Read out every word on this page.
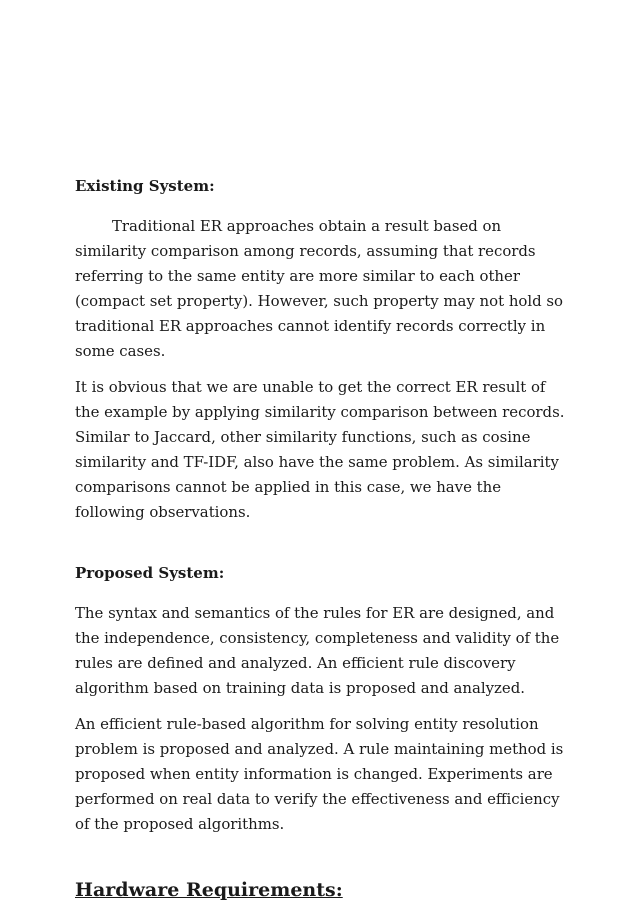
Existing System:

Traditional ER approaches obtain a result based on similarity comparison among records, assuming that records referring to the same entity are more similar to each other (compact set property). However, such property may not hold so traditional ER approaches cannot identify records correctly in some cases.

It is obvious that we are unable to get the correct ER result of the example by applying similarity comparison between records. Similar to Jaccard, other similarity functions, such as cosine similarity and TF-IDF, also have the same problem. As similarity comparisons cannot be applied in this case, we have the following observations.

Proposed System:

The syntax and semantics of the rules for ER are designed, and the independence, consistency, completeness and validity of the rules are defined and analyzed. An efficient rule discovery algorithm based on training data is proposed and analyzed.

An efficient rule-based algorithm for solving entity resolution problem is proposed and analyzed. A rule maintaining method is proposed when entity information is changed. Experiments are performed on real data to verify the effectiveness and efficiency of the proposed algorithms.

Hardware Requirements:
